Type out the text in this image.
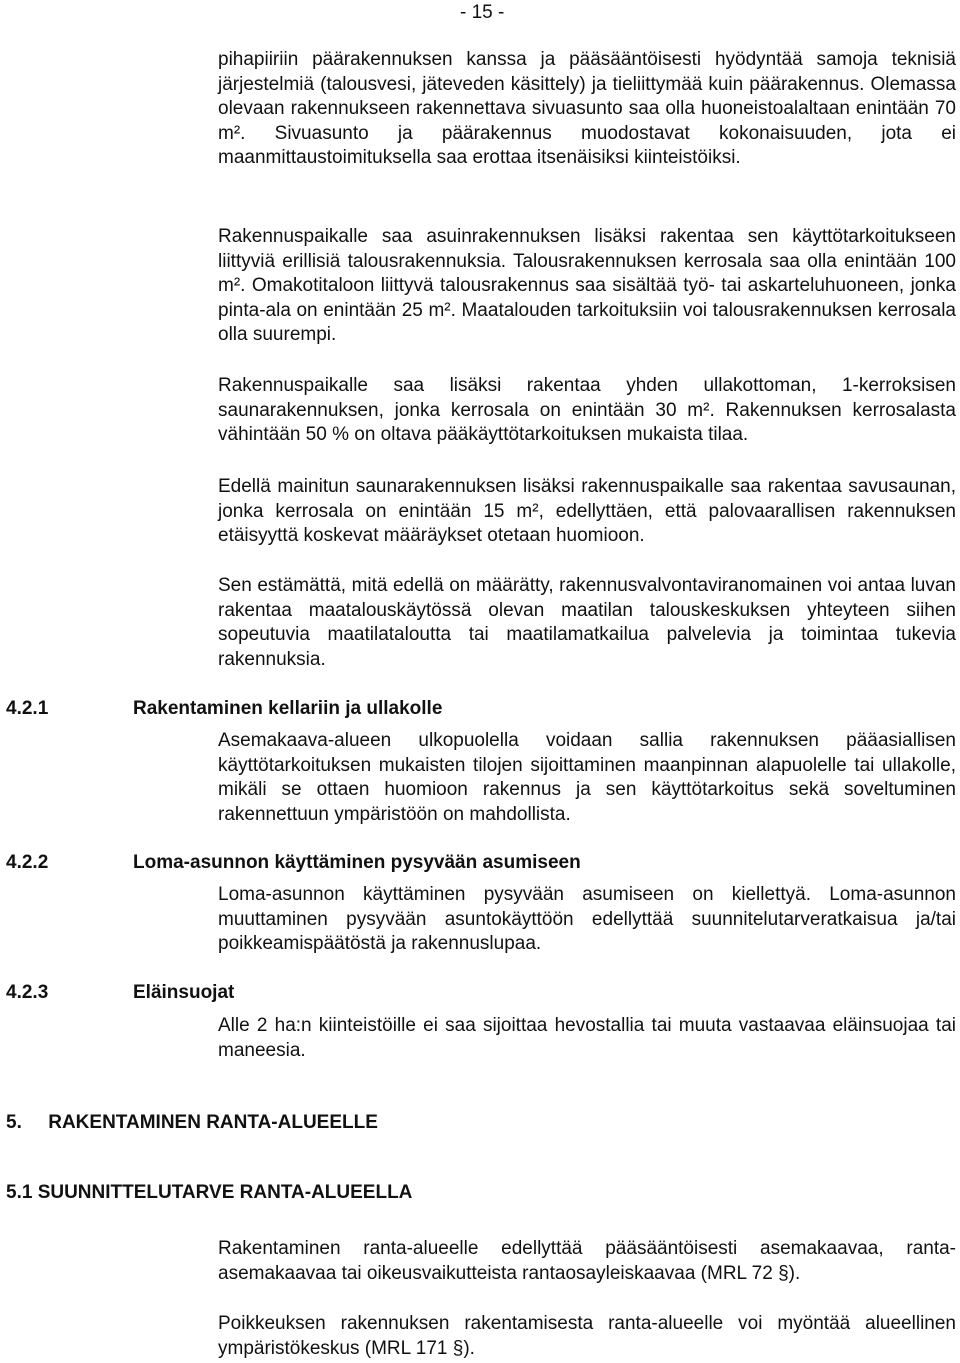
- 15 -

pihapiiriin päärakennuksen kanssa ja pääsääntöisesti hyödyntää samoja teknisiä järjestelmiä (talousvesi, jäteveden käsittely) ja tieliittymää kuin päärakennus. Olemassa olevaan rakennukseen rakennettava sivuasunto saa olla huoneistoalaltaan enintään 70 m². Sivuasunto ja päärakennus muodostavat kokonaisuuden, jota ei maanmittaustoimituksella saa erottaa itsenäisiksi kiinteistöiksi.

Rakennuspaikalle saa asuinrakennuksen lisäksi rakentaa sen käyttötarkoitukseen liittyviä erillisiä talousrakennuksia. Talousrakennuksen kerrosala saa olla enintään 100 m². Omakotitaloon liittyvä talousrakennus saa sisältää työ- tai askarteluhuoneen, jonka pinta-ala on enintään 25 m². Maatalouden tarkoituksiin voi talousrakennuksen kerrosala olla suurempi.

Rakennuspaikalle saa lisäksi rakentaa yhden ullakottoman, 1-kerroksisen saunarakennuksen, jonka kerrosala on enintään 30 m². Rakennuksen kerrosalasta vähintään 50 % on oltava pääkäyttötarkoituksen mukaista tilaa.

Edellä mainitun saunarakennuksen lisäksi rakennuspaikalle saa rakentaa savusaunan, jonka kerrosala on enintään 15 m², edellyttäen, että palovaarallisen rakennuksen etäisyyttä koskevat määräykset otetaan huomioon.

Sen estämättä, mitä edellä on määrätty, rakennusvalvontaviranomainen voi antaa luvan rakentaa maatalouskäytössä olevan maatilan talouskeskuksen yhteyteen siihen sopeutuvia maatilataloutta tai maatilamatkailua palvelevia ja toimintaa tukevia rakennuksia.

4.2.1	Rakentaminen kellariin ja ullakolle

Asemakaava-alueen ulkopuolella voidaan sallia rakennuksen pääasiallisen käyttötarkoituksen mukaisten tilojen sijoittaminen maanpinnan alapuolelle tai ullakolle, mikäli se ottaen huomioon rakennus ja sen käyttötarkoitus sekä soveltuminen rakennettuun ympäristöön on mahdollista.

4.2.2	Loma-asunnon käyttäminen pysyvään asumiseen

Loma-asunnon käyttäminen pysyvään asumiseen on kiellettyä. Loma-asunnon muuttaminen pysyvään asuntokäyttöön edellyttää suunnitelutarveratkaisua ja/tai poikkeamispäätöstä ja rakennuslupaa.

4.2.3	Eläinsuojat

Alle 2 ha:n kiinteistöille ei saa sijoittaa hevostallia tai muuta vastaavaa eläinsuojaa tai maneesia.

5.     RAKENTAMINEN RANTA-ALUEELLE
5.1 SUUNNITTELUTARVE RANTA-ALUEELLA

Rakentaminen ranta-alueelle edellyttää pääsääntöisesti asemakaavaa, ranta-asemakaavaa tai oikeusvaikutteista rantaosayleiskaavaa (MRL 72 §).

Poikkeuksen rakennuksen rakentamisesta ranta-alueelle voi myöntää alueellinen ympäristökeskus (MRL 171 §).
